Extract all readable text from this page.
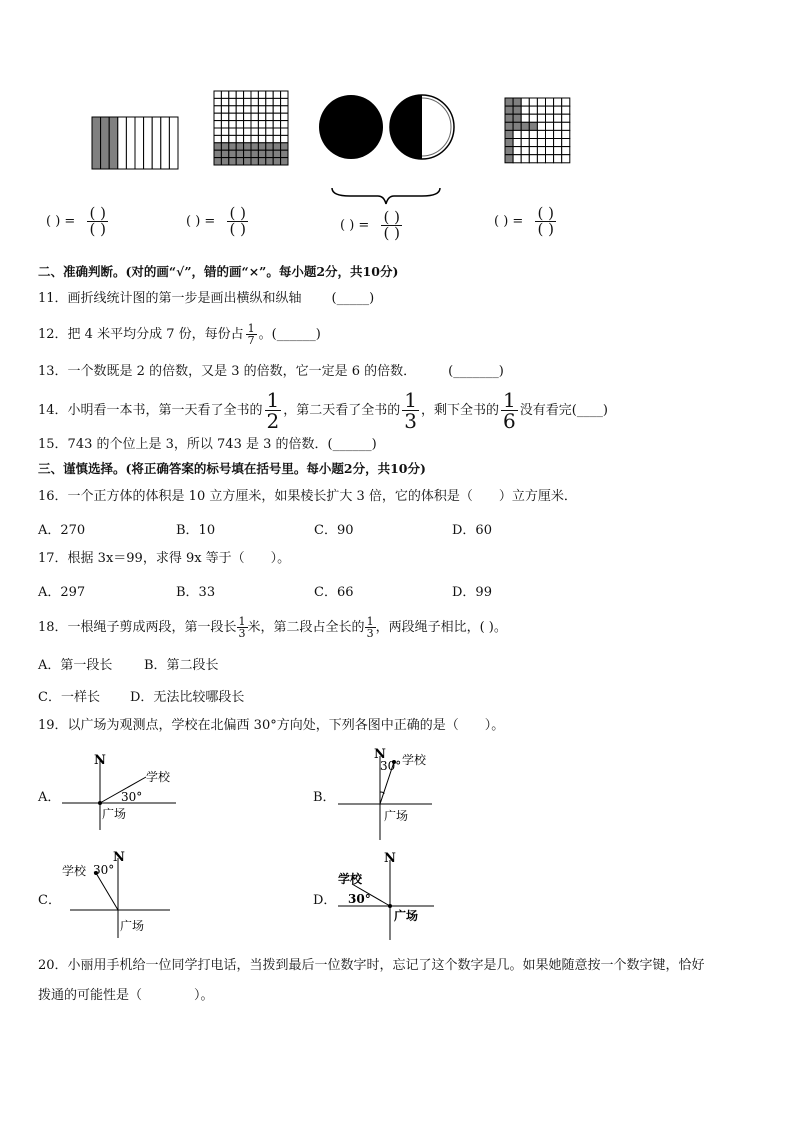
( ) = $\frac{( )}{( )}$	( ) = $\frac{( )}{( )}$	( ) = $\frac{( )}{( )}$	( ) = $\frac{( )}{( )}$
二、准确判断。(对的画“√”，错的画“×”。每小题2分，共10分)
11．画折线统计图的第一步是画出横纵和纵轴 (_____)
12．把 4 米平均分成 7 份，每份占 $\frac{1}{7}$ 。(______)
13．一个数既是 2 的倍数，又是 3 的倍数，它一定是 6 的倍数． (_______)
14．小明看一本书，第一天看了全书的 $\frac{1}{2}$ ，第二天看了全书的 $\frac{1}{3}$ ，剩下全书的 $\frac{1}{6}$ 没有看完(____)
15．743 的个位上是 3，所以 743 是 3 的倍数．(______)
三、谨慎选择。(将正确答案的标号填在括号里。每小题2分，共10分)
16．一个正方体的体积是 10 立方厘米，如果棱长扩大 3 倍，它的体积是（　　）立方厘米．
A．270	B．10	C．90	D．60
17．根据 3x＝99，求得 9x 等于（　　）。
A．297	B．33	C．66	D．99
18．一根绳子剪成两段，第一段长 $\frac{1}{3}$ 米，第二段占全长的 $\frac{1}{3}$ ，两段绳子相比，( )。
A．第一段长 B．第二段长
C．一样长 D．无法比较哪段长
19．以广场为观测点，学校在北偏西 30°方向处，下列各图中正确的是（　　）。
A．	B．
C．	D．
N
学校
30°
广场
N
30° 学校
广场
N
学校 30°
广场
N
学校
30°
广场
20．小丽用手机给一位同学打电话，当拨到最后一位数字时，忘记了这个数字是几。如果她随意按一个数字键，恰好
拨通的可能性是（　　　　）。
